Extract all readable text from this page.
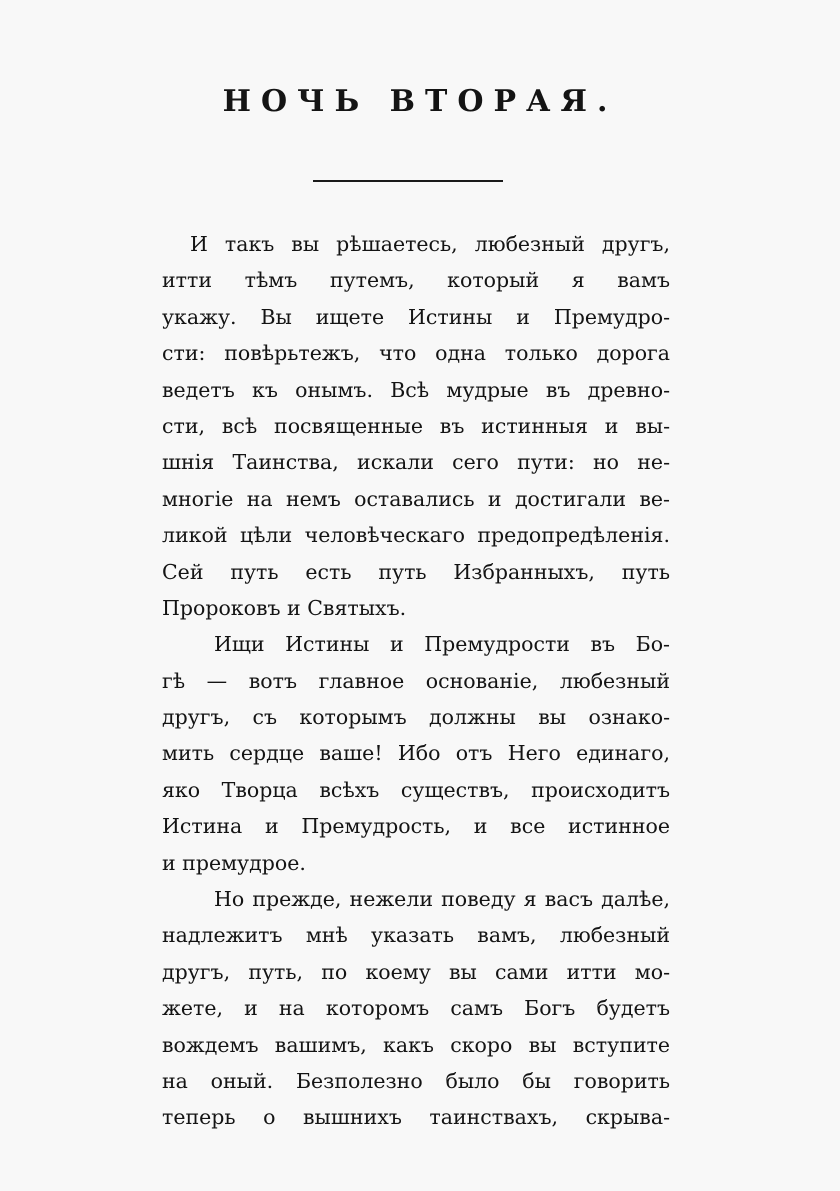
НОЧЬ ВТОРАЯ.
И такъ вы рѣшаетесь, любезный другъ,
итти тѣмъ путемъ, который я вамъ
укажу. Вы ищете Истины и Премудро-
сти: повѣрьтежъ, что одна только дорога
ведетъ къ онымъ. Всѣ мудрые въ древно-
сти, всѣ посвященные въ истинныя и вы-
шнія Таинства, искали сего пути: но не-
многіе на немъ оставались и достигали ве-
ликой цѣли человѣческаго предопредѣленія.
Сей путь есть путь Избранныхъ, путь
Пророковъ и Святыхъ.
Ищи Истины и Премудрости въ Бо-
гѣ — вотъ главное основаніе, любезный
другъ, съ которымъ должны вы ознако-
мить сердце ваше! Ибо отъ Него единаго,
яко Творца всѣхъ существъ, происходитъ
Истина и Премудрость, и все истинное
и премудрое.
Но прежде, нежели поведу я васъ далѣе,
надлежитъ мнѣ указать вамъ, любезный
другъ, путь, по коему вы сами итти мо-
жете, и на которомъ самъ Богъ будетъ
вождемъ вашимъ, какъ скоро вы вступите
на оный. Безполезно было бы говорить
теперь о вышнихъ таинствахъ, скрыва-
